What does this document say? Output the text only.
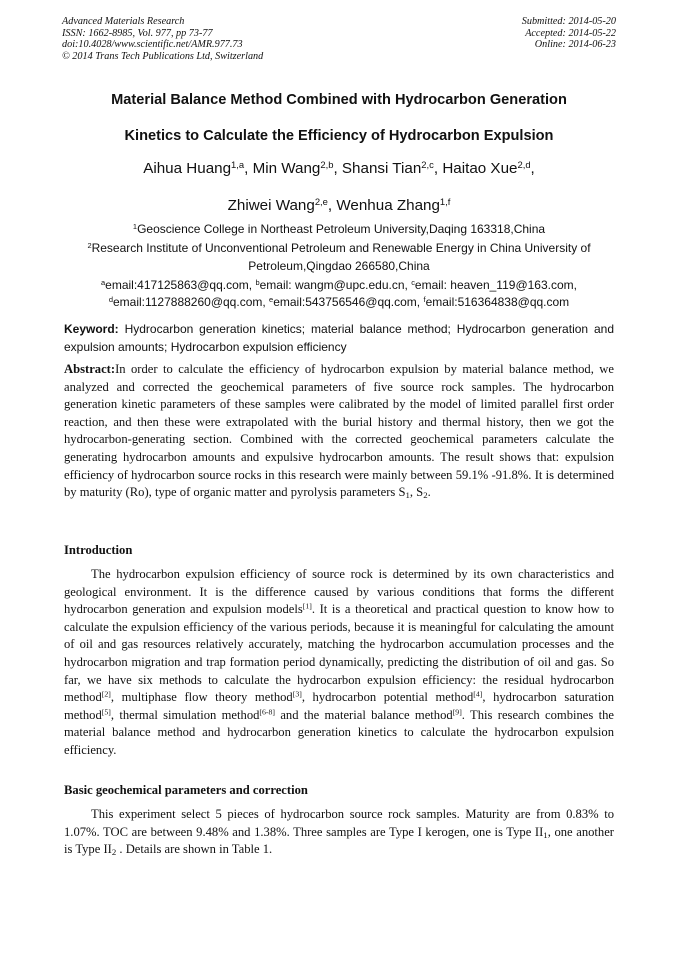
Advanced Materials Research
ISSN: 1662-8985, Vol. 977, pp 73-77
doi:10.4028/www.scientific.net/AMR.977.73
© 2014 Trans Tech Publications Ltd, Switzerland
Submitted: 2014-05-20
Accepted: 2014-05-22
Online: 2014-06-23
Material Balance Method Combined with Hydrocarbon Generation
Kinetics to Calculate the Efficiency of Hydrocarbon Expulsion
Aihua Huang$^{1,a}$, Min Wang$^{2,b}$, Shansi Tian$^{2,c}$, Haitao Xue$^{2,d}$,
Zhiwei Wang$^{2,e}$, Wenhua Zhang$^{1,f}$
$^1$Geoscience College in Northeast Petroleum University,Daqing 163318,China
$^2$Research Institute of Unconventional Petroleum and Renewable Energy in China University of Petroleum,Qingdao 266580,China
$^a$email:417125863@qq.com, $^b$email: wangm@upc.edu.cn, $^c$email: heaven_119@163.com,
$^d$email:1127888260@qq.com, $^e$email:543756546@qq.com, $^f$email:516364838@qq.com
Keyword: Hydrocarbon generation kinetics; material balance method; Hydrocarbon generation and expulsion amounts; Hydrocarbon expulsion efficiency
Abstract:In order to calculate the efficiency of hydrocarbon expulsion by material balance method, we analyzed and corrected the geochemical parameters of five source rock samples. The hydrocarbon generation kinetic parameters of these samples were calibrated by the model of limited parallel first order reaction, and then these were extrapolated with the burial history and thermal history, then we got the hydrocarbon-generating section. Combined with the corrected geochemical parameters calculate the generating hydrocarbon amounts and expulsive hydrocarbon amounts. The result shows that: expulsion efficiency of hydrocarbon source rocks in this research were mainly between 59.1% -91.8%. It is determined by maturity (Ro), type of organic matter and pyrolysis parameters $S_1$, $S_2$.
Introduction
The hydrocarbon expulsion efficiency of source rock is determined by its own characteristics and geological environment. It is the difference caused by various conditions that forms the different hydrocarbon generation and expulsion models[1]. It is a theoretical and practical question to know how to calculate the expulsion efficiency of the various periods, because it is meaningful for calculating the amount of oil and gas resources relatively accurately, matching the hydrocarbon accumulation processes and the hydrocarbon migration and trap formation period dynamically, predicting the distribution of oil and gas. So far, we have six methods to calculate the hydrocarbon expulsion efficiency: the residual hydrocarbon method[2], multiphase flow theory method[3], hydrocarbon potential method[4], hydrocarbon saturation method[5], thermal simulation method[6-8] and the material balance method[9]. This research combines the material balance method and hydrocarbon generation kinetics to calculate the hydrocarbon expulsion efficiency.
Basic geochemical parameters and correction
This experiment select 5 pieces of hydrocarbon source rock samples. Maturity are from 0.83% to 1.07%. TOC are between 9.48% and 1.38%. Three samples are Type I kerogen, one is Type $II_1$, one another is Type $II_2$ . Details are shown in Table 1.
